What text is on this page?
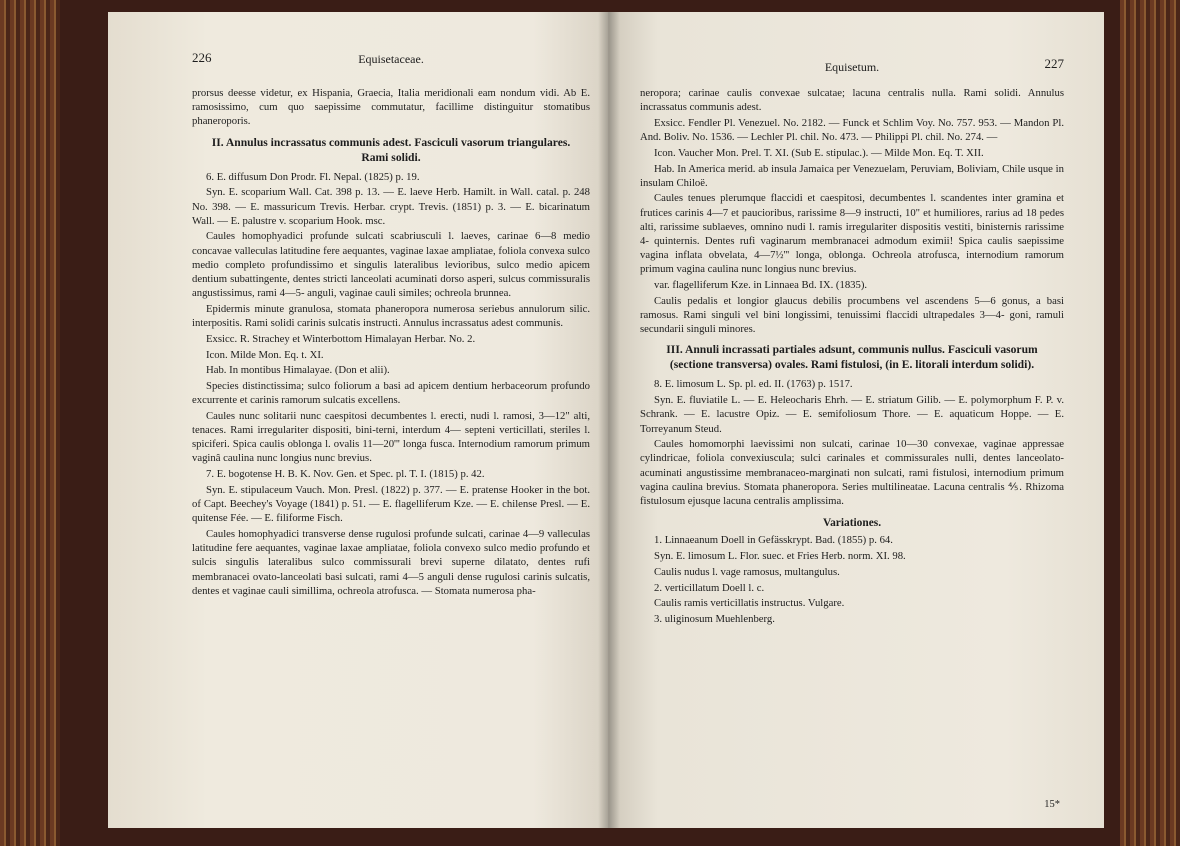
226	Equisetaceae.

prorsus deesse videtur, ex Hispania, Graecia, Italia meridionali eam nondum vidi. Ab E. ramosissimo, cum quo saepissime commutatur, facillime distinguitur stomatibus phaneroporis.

II. Annulus incrassatus communis adest. Fasciculi vasorum triangulares. Rami solidi.

6. E. diffusum Don Prodr. Fl. Nepal. (1825) p. 19.

Syn. E. scoparium Wall. Cat. 398 p. 13. — E. laeve Herb. Hamilt. in Wall. catal. p. 248 No. 398. — E. massuricum Trevis. Herbar. crypt. Trevis. (1851) p. 3. — E. bicarinatum Wall. — E. palustre v. scoparium Hook. msc.

Caules homophyadici profunde sulcati scabriusculi l. laeves, carinae 6—8 medio concavae valleculas latitudine fere aequantes, vaginae laxae ampliatae, foliola convexa sulco medio completo profundissimo et singulis lateralibus levioribus, sulco medio apicem dentium subattingente, dentes stricti lanceolati acuminati dorso asperi, sulcus commissuralis angustissimus, rami 4—5- anguli, vaginae cauli similes; ochreola brunnea.

Epidermis minute granulosa, stomata phaneropora numerosa seriebus annulorum silic. interpositis. Rami solidi carinis sulcatis instructi. Annulus incrassatus adest communis.

Exsicc. R. Strachey et Winterbottom Himalayan Herbar. No. 2.

Icon. Milde Mon. Eq. t. XI.

Hab. In montibus Himalayae. (Don et alii).

Species distinctissima; sulco foliorum a basi ad apicem dentium herbaceorum profundo excurrente et carinis ramorum sulcatis excellens.

Caules nunc solitarii nunc caespitosi decumbentes l. erecti, nudi l. ramosi, 3—12" alti, tenaces. Rami irregulariter dispositi, bini-terni, interdum 4— septeni verticillati, steriles l. spiciferi. Spica caulis oblonga l. ovalis 11—20''' longa fusca. Internodium ramorum primum vaginâ caulina nunc longius nunc brevius.

7. E. bogotense H. B. K. Nov. Gen. et Spec. pl. T. I. (1815) p. 42.

Syn. E. stipulaceum Vauch. Mon. Presl. (1822) p. 377. — E. pratense Hooker in the bot. of Capt. Beechey's Voyage (1841) p. 51. — E. flagelliferum Kze. — E. chilense Presl. — E. quitense Fée. — E. filiforme Fisch.

Caules homophyadici transverse dense rugulosi profunde sulcati, carinae 4—9 valleculas latitudine fere aequantes, vaginae laxae ampliatae, foliola convexo sulco medio profundo et sulcis singulis lateralibus sulco commissurali brevi superne dilatato, dentes rufi membranacei ovato-lanceolati basi sulcati, rami 4—5 anguli dense rugulosi carinis sulcatis, dentes et vaginae cauli simillima, ochreola atrofusca. — Stomata numerosa pha-

Equisetum.	227

neropora; carinae caulis convexae sulcatae; lacuna centralis nulla. Rami solidi. Annulus incrassatus communis adest.

Exsicc. Fendler Pl. Venezuel. No. 2182. — Funck et Schlim Voy. No. 757. 953. — Mandon Pl. And. Boliv. No. 1536. — Lechler Pl. chil. No. 473. — Philippi Pl. chil. No. 274. —

Icon. Vaucher Mon. Prel. T. XI. (Sub E. stipulac.). — Milde Mon. Eq. T. XII.

Hab. In America merid. ab insula Jamaica per Venezuelam, Peruviam, Boliviam, Chile usque in insulam Chiloë.

Caules tenues plerumque flaccidi et caespitosi, decumbentes l. scandentes inter gramina et frutices carinis 4—7 et paucioribus, rarissime 8—9 instructi, 10" et humiliores, rarius ad 18 pedes alti, rarissime sublaeves, omnino nudi l. ramis irregulariter dispositis vestiti, binisternis rarissime 4- quinternis. Dentes rufi vaginarum membranacei admodum eximii! Spica caulis saepissime vagina inflata obvelata, 4—7½''' longa, oblonga. Ochreola atrofusca, internodium ramorum primum vagina caulina nunc longius nunc brevius.

var. flagelliferum Kze. in Linnaea Bd. IX. (1835).

Caulis pedalis et longior glaucus debilis procumbens vel ascendens 5—6 gonus, a basi ramosus. Rami singuli vel bini longissimi, tenuissimi flaccidi ultrapedales 3—4- goni, ramuli secundarii singuli minores.

III. Annuli incrassati partiales adsunt, communis nullus. Fasciculi vasorum (sectione transversa) ovales. Rami fistulosi, (in E. litorali interdum solidi).

8. E. limosum L. Sp. pl. ed. II. (1763) p. 1517.

Syn. E. fluviatile L. — E. Heleocharis Ehrh. — E. striatum Gilib. — E. polymorphum F. P. v. Schrank. — E. lacustre Opiz. — E. semifoliosum Thore. — E. aquaticum Hoppe. — E. Torreyanum Steud.

Caules homomorphi laevissimi non sulcati, carinae 10—30 convexae, vaginae appressae cylindricae, foliola convexiuscula; sulci carinales et commissurales nulli, dentes lanceolato-acuminati angustissime membranaceo-marginati non sulcati, rami fistulosi, internodium primum vagina caulina brevius. Stomata phaneropora. Series multilineatae. Lacuna centralis ⅘. Rhizoma fistulosum ejusque lacuna centralis amplissima.

Variationes.

1. Linnaeanum Doell in Gefässkrypt. Bad. (1855) p. 64.

Syn. E. limosum L. Flor. suec. et Fries Herb. norm. XI. 98.

Caulis nudus l. vage ramosus, multangulus.

2. verticillatum Doell l. c.

Caulis ramis verticillatis instructus. Vulgare.

3. uliginosum Muehlenberg.

15*
